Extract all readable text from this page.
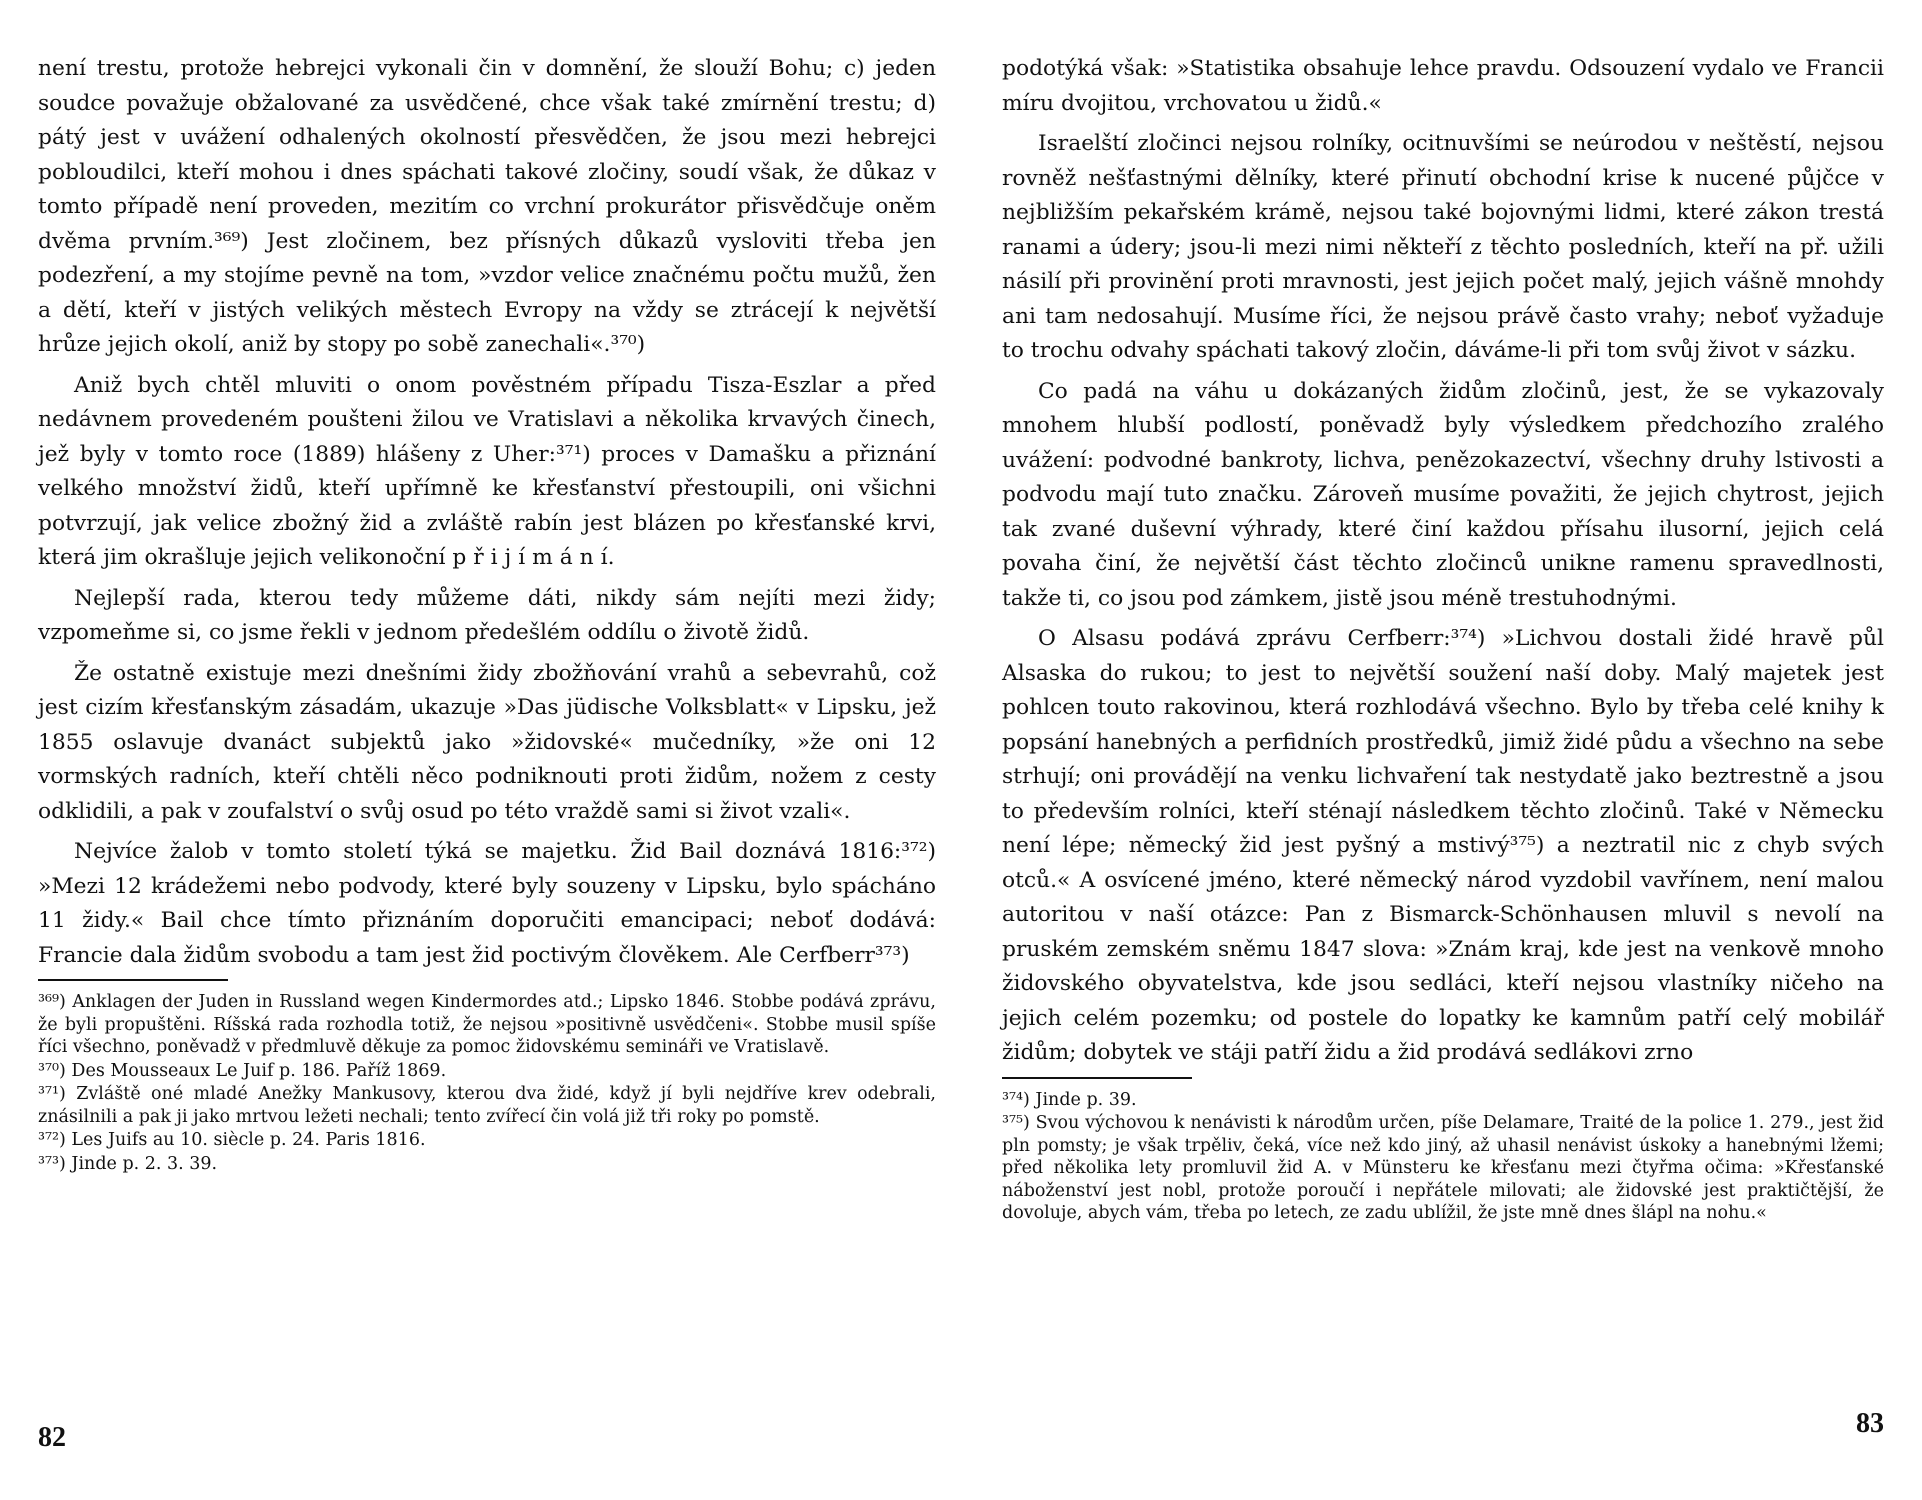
není trestu, protože hebrejci vykonali čin v domnění, že slouží Bohu; c) jeden soudce považuje obžalované za usvědčené, chce však také zmírnění trestu; d) pátý jest v uvážení odhalených okolností přesvědčen, že jsou mezi hebrejci pobloudilci, kteří mohou i dnes spáchati takové zločiny, soudí však, že důkaz v tomto případě není proveden, mezitím co vrchní prokurátor přisvědčuje oněm dvěma prvním.³⁶⁹) Jest zločinem, bez přísných důkazů vysloviti třeba jen podezření, a my stojíme pevně na tom, »vzdor velice značnému počtu mužů, žen a dětí, kteří v jistých velikých městech Evropy na vždy se ztrácejí k největší hrůze jejich okolí, aniž by stopy po sobě zanechali«.³⁷⁰)

Aniž bych chtěl mluviti o onom pověstném případu Tisza-Eszlar a před nedávnem provedeném poušteni žilou ve Vratislavi a několika krvavých činech, jež byly v tomto roce (1889) hlášeny z Uher:³⁷¹) proces v Damašku a přiznání velkého množství židů, kteří upřímně ke křesťanství přestoupili, oni všichni potvrzují, jak velice zbožný žid a zvláště rabín jest blázen po křesťanské krvi, která jim okrašluje jejich velikonoční p ř i j í m á n í.

Nejlepší rada, kterou tedy můžeme dáti, nikdy sám nejíti mezi židy; vzpomeňme si, co jsme řekli v jednom předešlém oddílu o životě židů.

Že ostatně existuje mezi dnešními židy zbožňování vrahů a sebevrahů, což jest cizím křesťanským zásadám, ukazuje »Das jüdische Volksblatt« v Lipsku, jež 1855 oslavuje dvanáct subjektů jako »židovské« mučedníky, »že oni 12 vormských radních, kteří chtěli něco podniknouti proti židům, nožem z cesty odklidili, a pak v zoufalství o svůj osud po této vraždě sami si život vzali«.

Nejvíce žalob v tomto století týká se majetku. Žid Bail doznává 1816:³⁷²) »Mezi 12 krádežemi nebo podvody, které byly souzeny v Lipsku, bylo spácháno 11 židy.« Bail chce tímto přiznáním doporučiti emancipaci; neboť dodává: Francie dala židům svobodu a tam jest žid poctivým člověkem. Ale Cerfberr³⁷³)

³⁶⁹) Anklagen der Juden in Russland wegen Kindermordes atd.; Lipsko 1846. Stobbe podává zprávu, že byli propuštěni. Ríšská rada rozhodla totiž, že nejsou »positivně usvědčeni«. Stobbe musil spíše říci všechno, poněvadž v předmluvě děkuje za pomoc židovskému semináři ve Vratislavě.

³⁷⁰) Des Mousseaux Le Juif p. 186. Paříž 1869.

³⁷¹) Zvláště oné mladé Anežky Mankusovy, kterou dva židé, když jí byli nejdříve krev odebrali, znásilnili a pak ji jako mrtvou ležeti nechali; tento zvířecí čin volá již tři roky po pomstě.

³⁷²) Les Juifs au 10. siècle p. 24. Paris 1816.

³⁷³) Jinde p. 2. 3. 39.

podotýká však: »Statistika obsahuje lehce pravdu. Odsouzení vydalo ve Francii míru dvojitou, vrchovatou u židů.«

Israelští zločinci nejsou rolníky, ocitnuvšími se neúrodou v neštěstí, nejsou rovněž nešťastnými dělníky, které přinutí obchodní krise k nucené půjčce v nejbližším pekařském krámě, nejsou také bojovnými lidmi, které zákon trestá ranami a údery; jsou-li mezi nimi někteří z těchto posledních, kteří na př. užili násilí při provinění proti mravnosti, jest jejich počet malý, jejich vášně mnohdy ani tam nedosahují. Musíme říci, že nejsou právě často vrahy; neboť vyžaduje to trochu odvahy spáchati takový zločin, dáváme-li při tom svůj život v sázku.

Co padá na váhu u dokázaných židům zločinů, jest, že se vykazovaly mnohem hlubší podlostí, poněvadž byly výsledkem předchozího zralého uvážení: podvodné bankroty, lichva, penězokazectví, všechny druhy lstivosti a podvodu mají tuto značku. Zároveň musíme považiti, že jejich chytrost, jejich tak zvané duševní výhrady, které činí každou přísahu ilusorní, jejich celá povaha činí, že největší část těchto zločinců unikne ramenu spravedlnosti, takže ti, co jsou pod zámkem, jistě jsou méně trestuhodnými.

O Alsasu podává zprávu Cerfberr:³⁷⁴) »Lichvou dostali židé hravě půl Alsaska do rukou; to jest to největší soužení naší doby. Malý majetek jest pohlcen toutо rakovinou, která rozhlodává všechno. Bylo by třeba celé knihy k popsání hanebných a perfidních prostředků, jimiž židé půdu a všechno na sebe strhují; oni provádějí na venku lichvaření tak nestydatě jako beztrestně a jsou to především rolníci, kteří sténají následkem těchto zločinů. Také v Německu není lépe; německý žid jest pyšný a mstivý³⁷⁵) a neztratil nic z chyb svých otců.« A osvícené jméno, které německý národ vyzdobil vavřínem, není malou autoritou v naší otázce: Pan z Bismarck-Schönhausen mluvil s nevolí na pruském zemském sněmu 1847 slova: »Znám kraj, kde jest na venkově mnoho židovského obyvatelstva, kde jsou sedláci, kteří nejsou vlastníky ničeho na jejich celém pozemku; od postele do lopatky ke kamnům patří celý mobilář židům; dobytek ve stáji patří židu a žid prodává sedlákovi zrno

³⁷⁴) Jinde p. 39.

³⁷⁵) Svou výchovou k nenávisti k národům určen, píše Delamare, Traité de la police 1. 279., jest žid pln pomsty; je však trpěliv, čeká, více než kdo jiný, až uhasil nenávist úskoky a hanebnými lžemi; před několika lety promluvil žid A. v Münsteru ke křesťanu mezi čtyřma očima: »Křesťanské náboženství jest nobl, protože poroučí i nepřátele milovati; ale židovské jest praktičtější, že dovoluje, abych vám, třeba po letech, ze zadu ublížil, že jste mně dnes šlápl na nohu.«

82	83
